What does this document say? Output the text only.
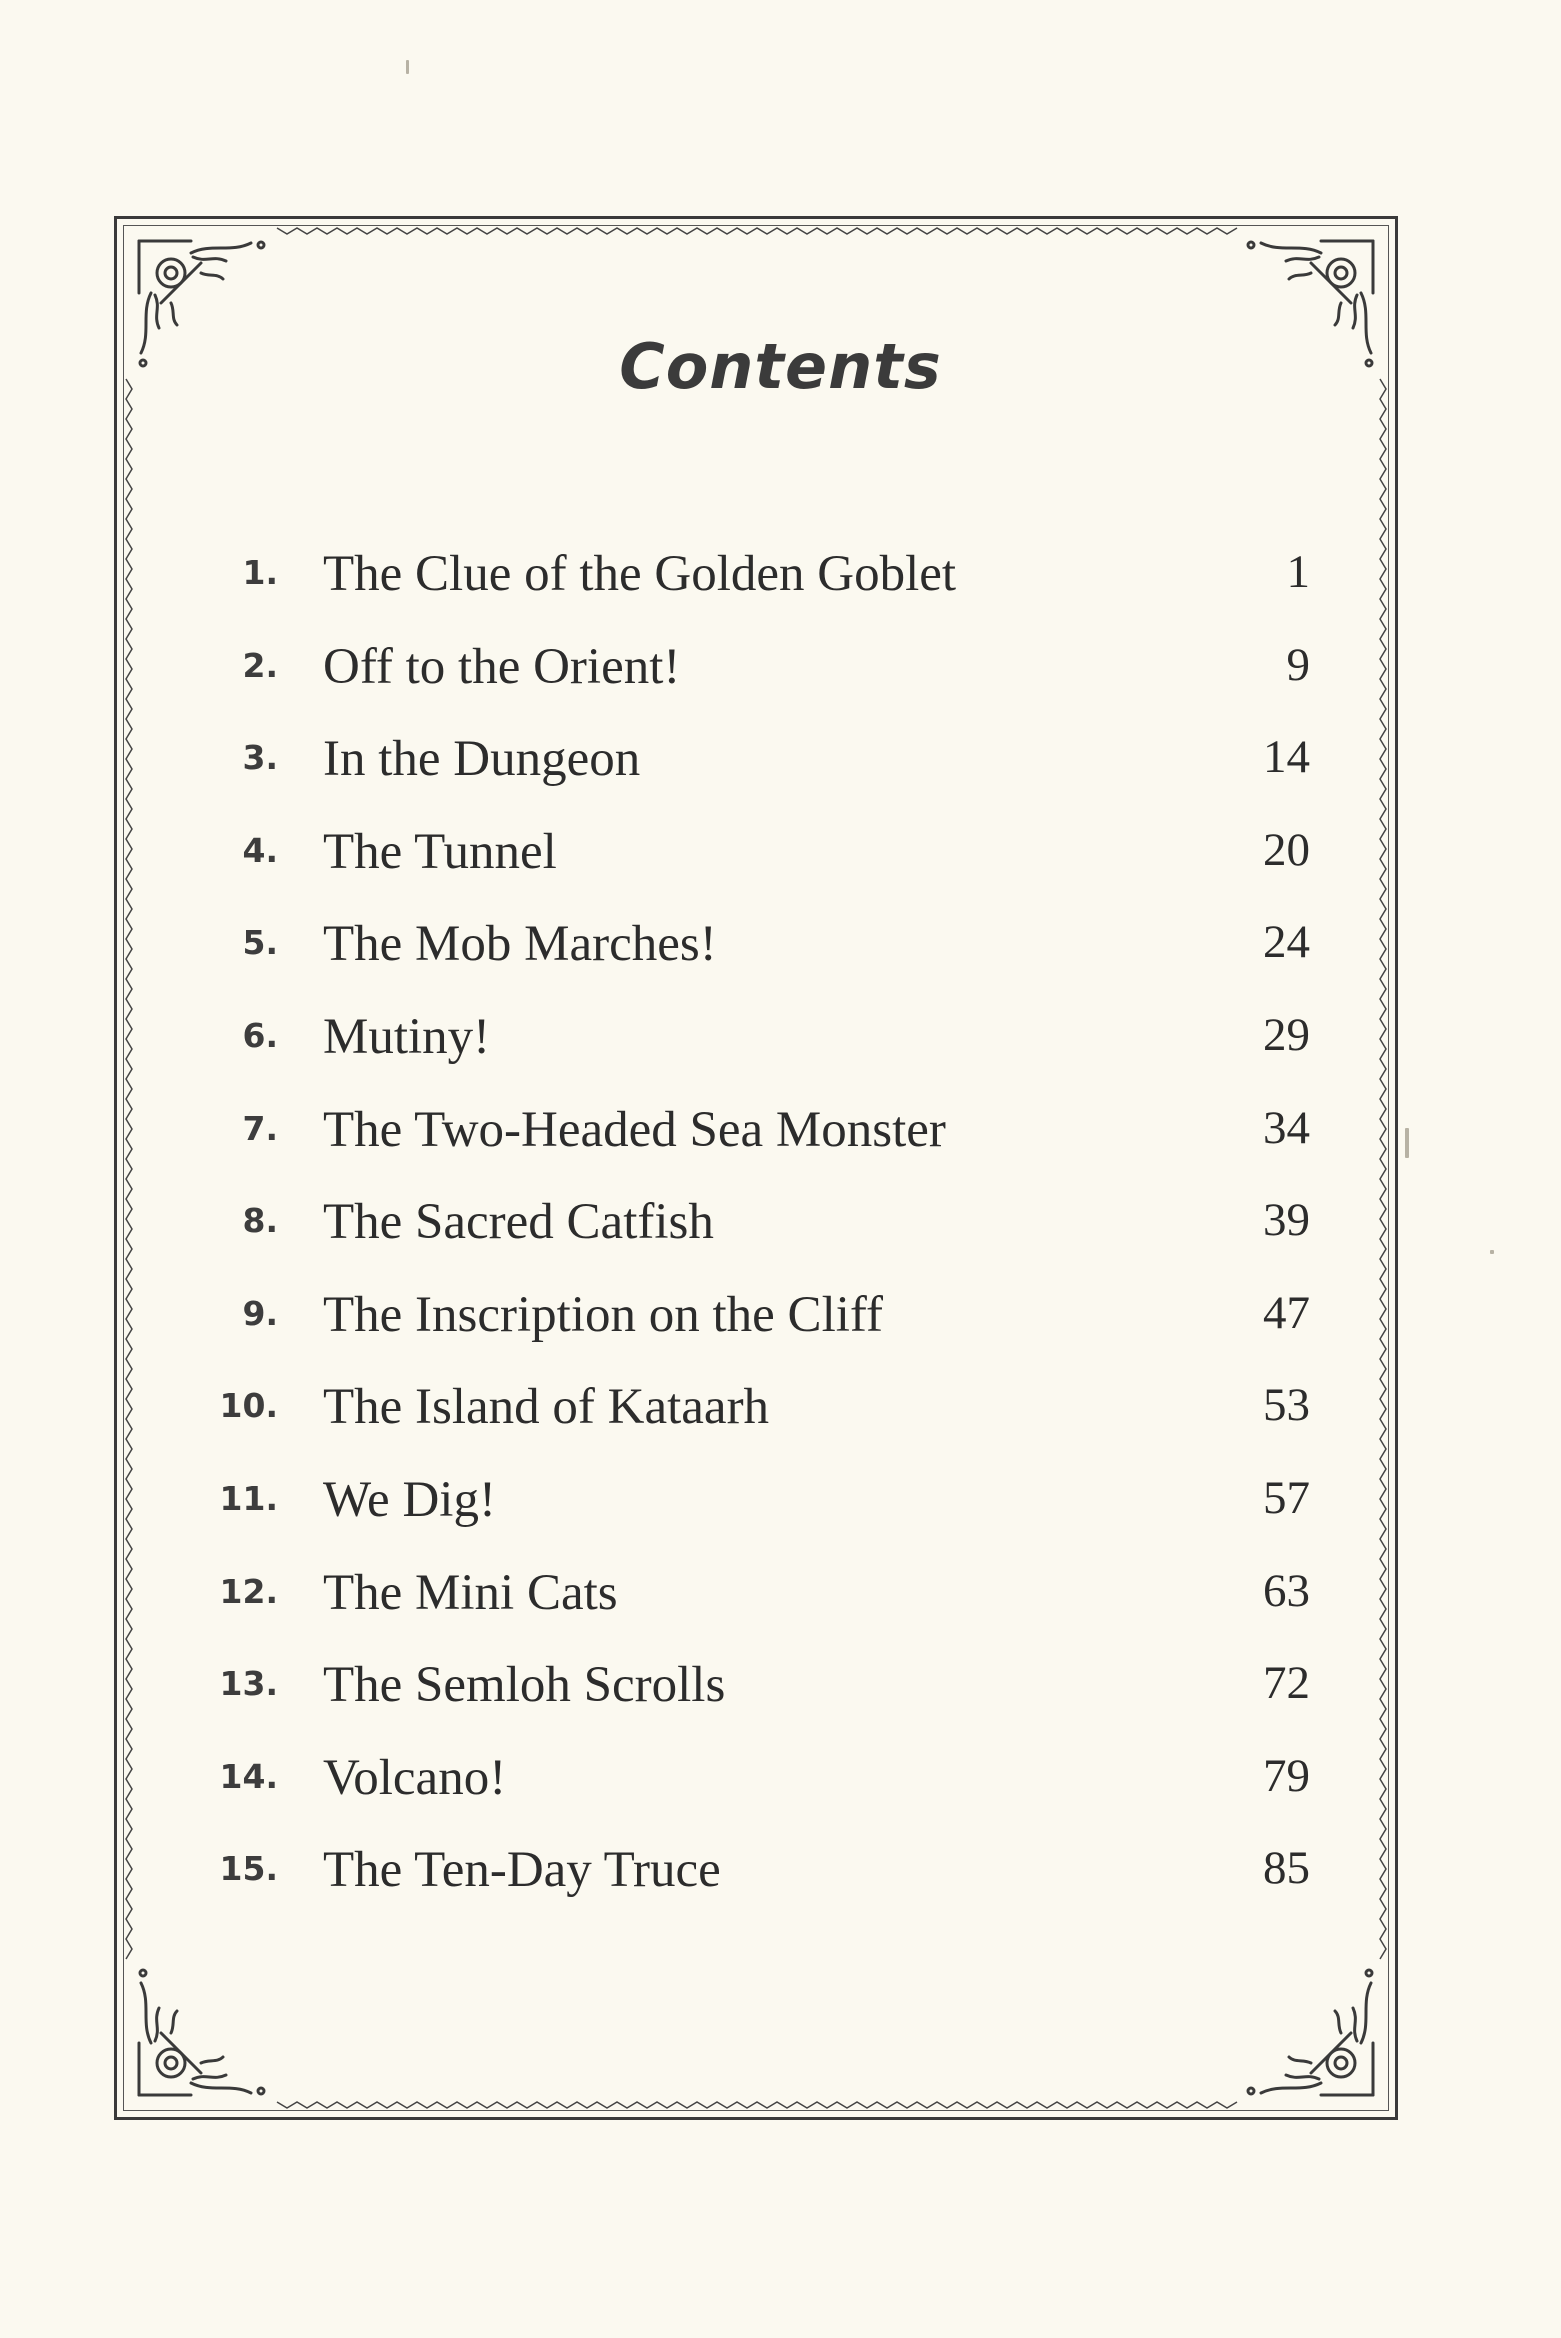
Contents
1. The Clue of the Golden Goblet	1
2. Off to the Orient!	9
3. In the Dungeon	14
4. The Tunnel	20
5. The Mob Marches!	24
6. Mutiny!	29
7. The Two-Headed Sea Monster	34
8. The Sacred Catfish	39
9. The Inscription on the Cliff	47
10. The Island of Kataarh	53
11. We Dig!	57
12. The Mini Cats	63
13. The Semloh Scrolls	72
14. Volcano!	79
15. The Ten-Day Truce	85
